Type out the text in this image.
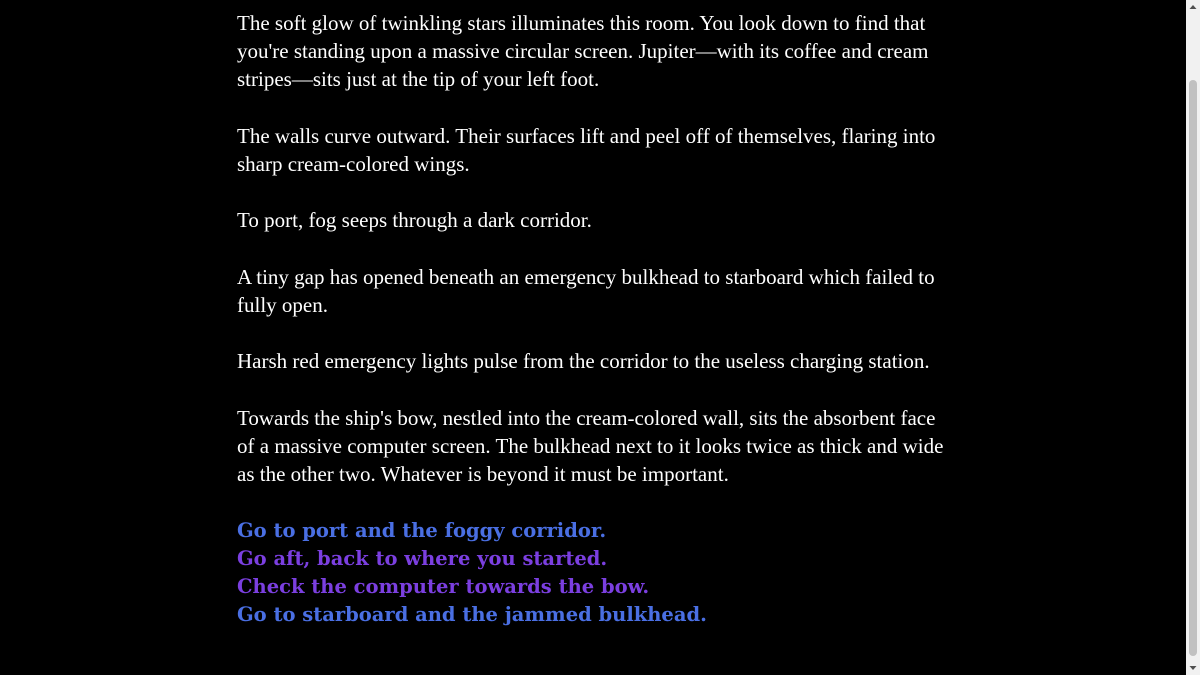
The soft glow of twinkling stars illuminates this room. You look down to find that you're standing upon a massive circular screen. Jupiter—with its coffee and cream stripes—sits just at the tip of your left foot.

The walls curve outward. Their surfaces lift and peel off of themselves, flaring into sharp cream-colored wings.

To port, fog seeps through a dark corridor.

A tiny gap has opened beneath an emergency bulkhead to starboard which failed to fully open.

Harsh red emergency lights pulse from the corridor to the useless charging station.

Towards the ship's bow, nestled into the cream-colored wall, sits the absorbent face of a massive computer screen. The bulkhead next to it looks twice as thick and wide as the other two. Whatever is beyond it must be important.

Go to port and the foggy corridor.
Go aft, back to where you started.
Check the computer towards the bow.
Go to starboard and the jammed bulkhead.
